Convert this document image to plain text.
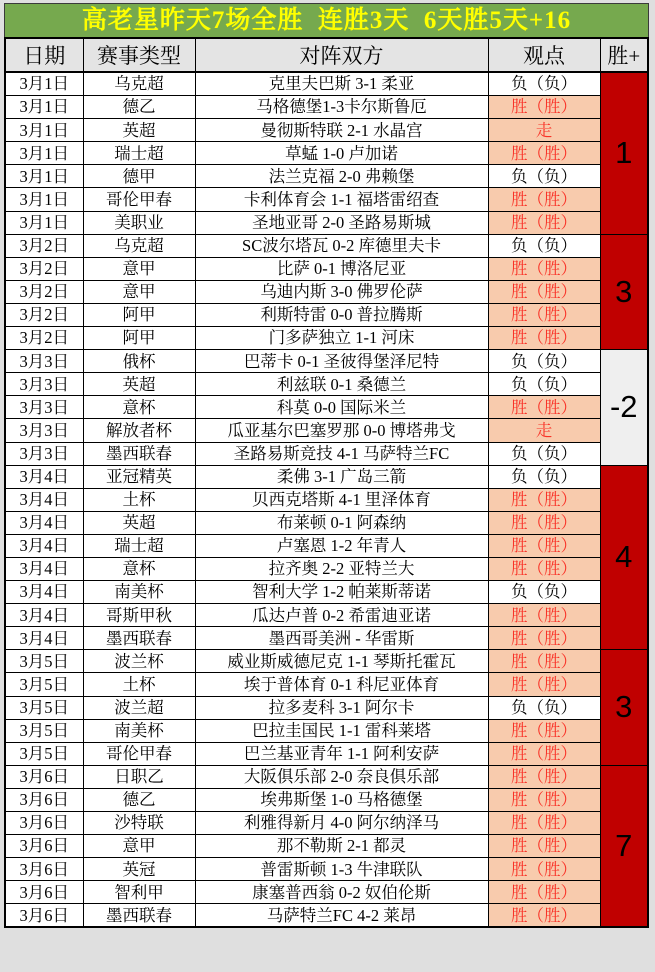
高老星昨天7场全胜  连胜3天  6天胜5天+16
日期	赛事类型	对阵双方	观点	胜+
3月1日	乌克超	克里夫巴斯 3-1 柔亚	负（负）	1
3月1日	德乙	马格德堡1-3卡尔斯鲁厄	胜（胜）	
3月1日	英超	曼彻斯特联 2-1 水晶宫	走	
3月1日	瑞士超	草蜢 1-0 卢加诺	胜（胜）	
3月1日	德甲	法兰克福 2-0 弗赖堡	负（负）	
3月1日	哥伦甲春	卡利体育会 1-1 福塔雷绍查	胜（胜）	
3月1日	美职业	圣地亚哥 2-0 圣路易斯城	胜（胜）	
3月2日	乌克超	SC波尔塔瓦 0-2 库德里夫卡	负（负）	3
3月2日	意甲	比萨 0-1 博洛尼亚	胜（胜）	
3月2日	意甲	乌迪内斯 3-0 佛罗伦萨	胜（胜）	
3月2日	阿甲	利斯特雷 0-0 普拉腾斯	胜（胜）	
3月2日	阿甲	门多萨独立 1-1 河床	胜（胜）	
3月3日	俄杯	巴蒂卡 0-1 圣彼得堡泽尼特	负（负）	-2
3月3日	英超	利兹联 0-1 桑德兰	负（负）	
3月3日	意杯	科莫 0-0 国际米兰	胜（胜）	
3月3日	解放者杯	瓜亚基尔巴塞罗那 0-0 博塔弗戈	走	
3月3日	墨西联春	圣路易斯竞技 4-1 马萨特兰FC	负（负）	
3月4日	亚冠精英	柔佛 3-1 广岛三箭	负（负）	4
3月4日	土杯	贝西克塔斯 4-1 里泽体育	胜（胜）	
3月4日	英超	布莱顿 0-1 阿森纳	胜（胜）	
3月4日	瑞士超	卢塞恩 1-2 年青人	胜（胜）	
3月4日	意杯	拉齐奥 2-2 亚特兰大	胜（胜）	
3月4日	南美杯	智利大学 1-2 帕莱斯蒂诺	负（负）	
3月4日	哥斯甲秋	瓜达卢普 0-2 希雷迪亚诺	胜（胜）	
3月4日	墨西联春	墨西哥美洲 - 华雷斯	胜（胜）	
3月5日	波兰杯	威业斯威德尼克 1-1 琴斯托霍瓦	胜（胜）	3
3月5日	土杯	埃于普体育 0-1 科尼亚体育	胜（胜）	
3月5日	波兰超	拉多麦科 3-1 阿尔卡	负（负）	
3月5日	南美杯	巴拉圭国民 1-1 雷科莱塔	胜（胜）	
3月5日	哥伦甲春	巴兰基亚青年 1-1 阿利安萨	胜（胜）	
3月6日	日职乙	大阪俱乐部 2-0 奈良俱乐部	胜（胜）	7
3月6日	德乙	埃弗斯堡 1-0 马格德堡	胜（胜）	
3月6日	沙特联	利雅得新月 4-0 阿尔纳泽马	胜（胜）	
3月6日	意甲	那不勒斯 2-1 都灵	胜（胜）	
3月6日	英冠	普雷斯顿 1-3 牛津联队	胜（胜）	
3月6日	智利甲	康塞普西翁 0-2 奴伯伦斯	胜（胜）	
3月6日	墨西联春	马萨特兰FC 4-2 莱昂	胜（胜）	
